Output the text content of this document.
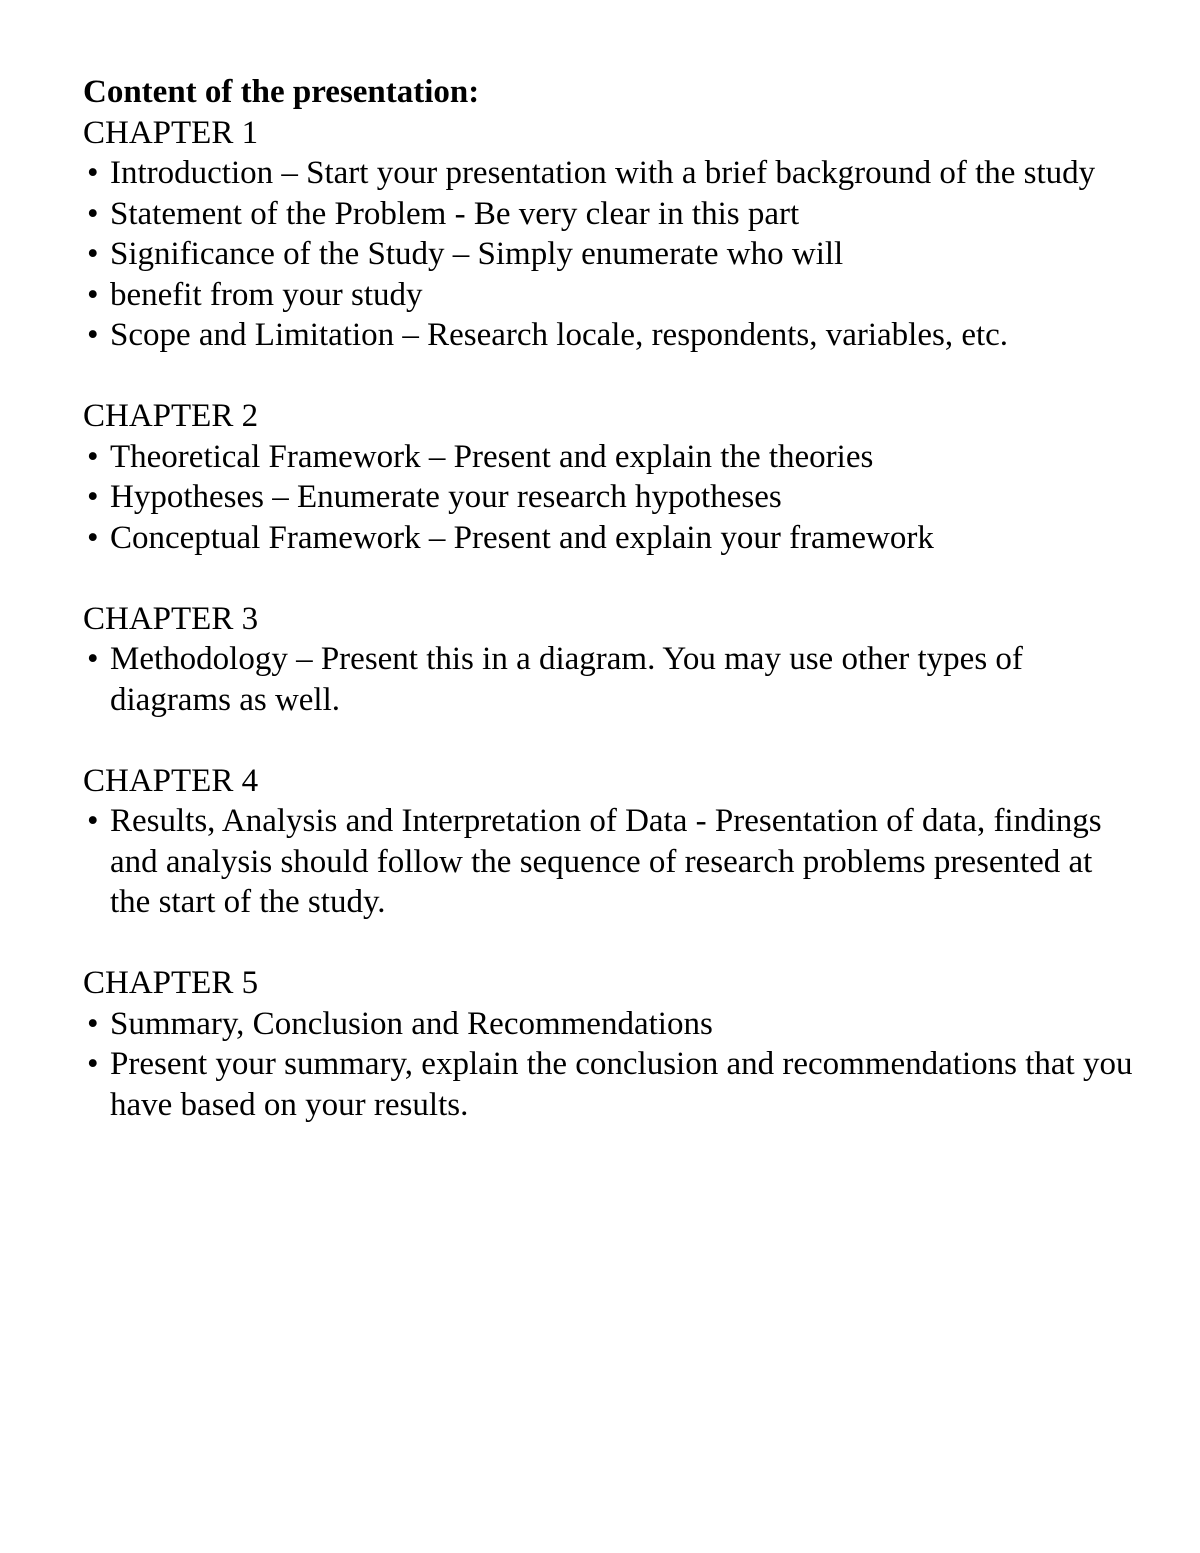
Content of the presentation:

CHAPTER 1

• Introduction – Start your presentation with a brief background of the study
• Statement of the Problem - Be very clear in this part
• Significance of the Study – Simply enumerate who will
• benefit from your study
• Scope and Limitation – Research locale, respondents, variables, etc.

CHAPTER 2

• Theoretical Framework – Present and explain the theories
• Hypotheses – Enumerate your research hypotheses
• Conceptual Framework – Present and explain your framework

CHAPTER 3

• Methodology – Present this in a diagram. You may use other types of diagrams as well.

CHAPTER 4

• Results, Analysis and Interpretation of Data - Presentation of data, findings and analysis should follow the sequence of research problems presented at the start of the study.

CHAPTER 5

• Summary, Conclusion and Recommendations
• Present your summary, explain the conclusion and recommendations that you have based on your results.
